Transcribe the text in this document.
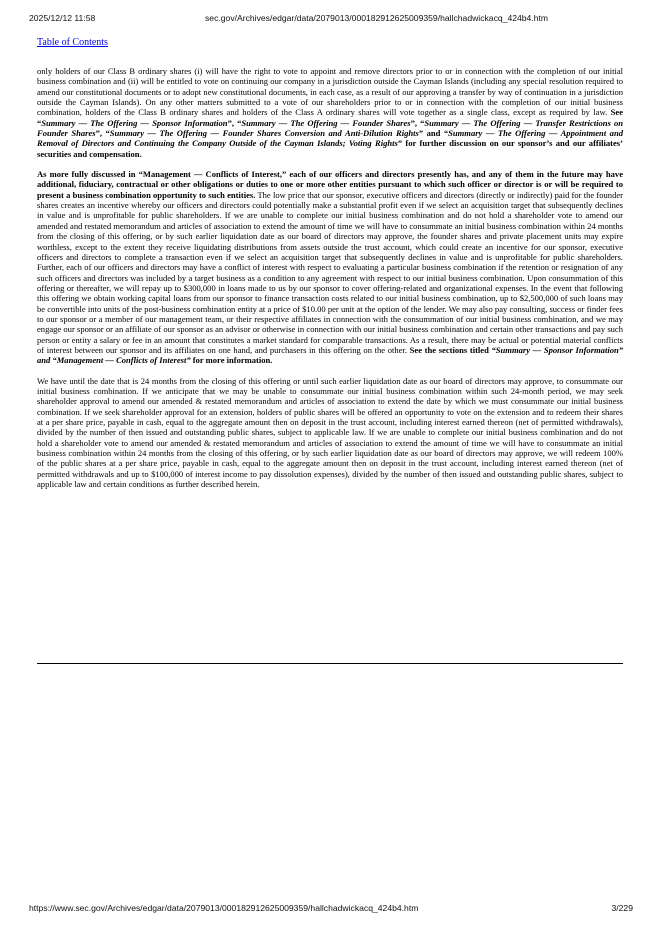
2025/12/12 11:58	sec.gov/Archives/edgar/data/2079013/000182912625009359/hallchadwickacq_424b4.htm
Table of Contents

only holders of our Class B ordinary shares (i) will have the right to vote to appoint and remove directors prior to or in connection with the completion of our initial business combination and (ii) will be entitled to vote on continuing our company in a jurisdiction outside the Cayman Islands (including any special resolution required to amend our constitutional documents or to adopt new constitutional documents, in each case, as a result of our approving a transfer by way of continuation in a jurisdiction outside the Cayman Islands). On any other matters submitted to a vote of our shareholders prior to or in connection with the completion of our initial business combination, holders of the Class B ordinary shares and holders of the Class A ordinary shares will vote together as a single class, except as required by law. See “Summary — The Offering — Sponsor Information”, “Summary — The Offering — Founder Shares”, “Summary — The Offering — Transfer Restrictions on Founder Shares”, “Summary — The Offering — Founder Shares Conversion and Anti-Dilution Rights” and “Summary — The Offering — Appointment and Removal of Directors and Continuing the Company Outside of the Cayman Islands; Voting Rights” for further discussion on our sponsor’s and our affiliates’ securities and compensation.

As more fully discussed in “Management — Conflicts of Interest,” each of our officers and directors presently has, and any of them in the future may have additional, fiduciary, contractual or other obligations or duties to one or more other entities pursuant to which such officer or director is or will be required to present a business combination opportunity to such entities. The low price that our sponsor, executive officers and directors (directly or indirectly) paid for the founder shares creates an incentive whereby our officers and directors could potentially make a substantial profit even if we select an acquisition target that subsequently declines in value and is unprofitable for public shareholders. If we are unable to complete our initial business combination and do not hold a shareholder vote to amend our amended and restated memorandum and articles of association to extend the amount of time we will have to consummate an initial business combination within 24 months from the closing of this offering, or by such earlier liquidation date as our board of directors may approve, the founder shares and private placement units may expire worthless, except to the extent they receive liquidating distributions from assets outside the trust account, which could create an incentive for our sponsor, executive officers and directors to complete a transaction even if we select an acquisition target that subsequently declines in value and is unprofitable for public shareholders. Further, each of our officers and directors may have a conflict of interest with respect to evaluating a particular business combination if the retention or resignation of any such officers and directors was included by a target business as a condition to any agreement with respect to our initial business combination. Upon consummation of this offering or thereafter, we will repay up to $300,000 in loans made to us by our sponsor to cover offering-related and organizational expenses. In the event that following this offering we obtain working capital loans from our sponsor to finance transaction costs related to our initial business combination, up to $2,500,000 of such loans may be convertible into units of the post-business combination entity at a price of $10.00 per unit at the option of the lender. We may also pay consulting, success or finder fees to our sponsor or a member of our management team, or their respective affiliates in connection with the consummation of our initial business combination, and we may engage our sponsor or an affiliate of our sponsor as an advisor or otherwise in connection with our initial business combination and certain other transactions and pay such person or entity a salary or fee in an amount that constitutes a market standard for comparable transactions. As a result, there may be actual or potential material conflicts of interest between our sponsor and its affiliates on one hand, and purchasers in this offering on the other. See the sections titled “Summary — Sponsor Information” and “Management — Conflicts of Interest” for more information.

We have until the date that is 24 months from the closing of this offering or until such earlier liquidation date as our board of directors may approve, to consummate our initial business combination. If we anticipate that we may be unable to consummate our initial business combination within such 24-month period, we may seek shareholder approval to amend our amended & restated memorandum and articles of association to extend the date by which we must consummate our initial business combination. If we seek shareholder approval for an extension, holders of public shares will be offered an opportunity to vote on the extension and to redeem their shares at a per share price, payable in cash, equal to the aggregate amount then on deposit in the trust account, including interest earned thereon (net of permitted withdrawals), divided by the number of then issued and outstanding public shares, subject to applicable law. If we are unable to complete our initial business combination and do not hold a shareholder vote to amend our amended & restated memorandum and articles of association to extend the amount of time we will have to consummate an initial business combination within 24 months from the closing of this offering, or by such earlier liquidation date as our board of directors may approve, we will redeem 100% of the public shares at a per share price, payable in cash, equal to the aggregate amount then on deposit in the trust account, including interest earned thereon (net of permitted withdrawals and up to $100,000 of interest income to pay dissolution expenses), divided by the number of then issued and outstanding public shares, subject to applicable law and certain conditions as further described herein.

https://www.sec.gov/Archives/edgar/data/2079013/000182912625009359/hallchadwickacq_424b4.htm	3/229
